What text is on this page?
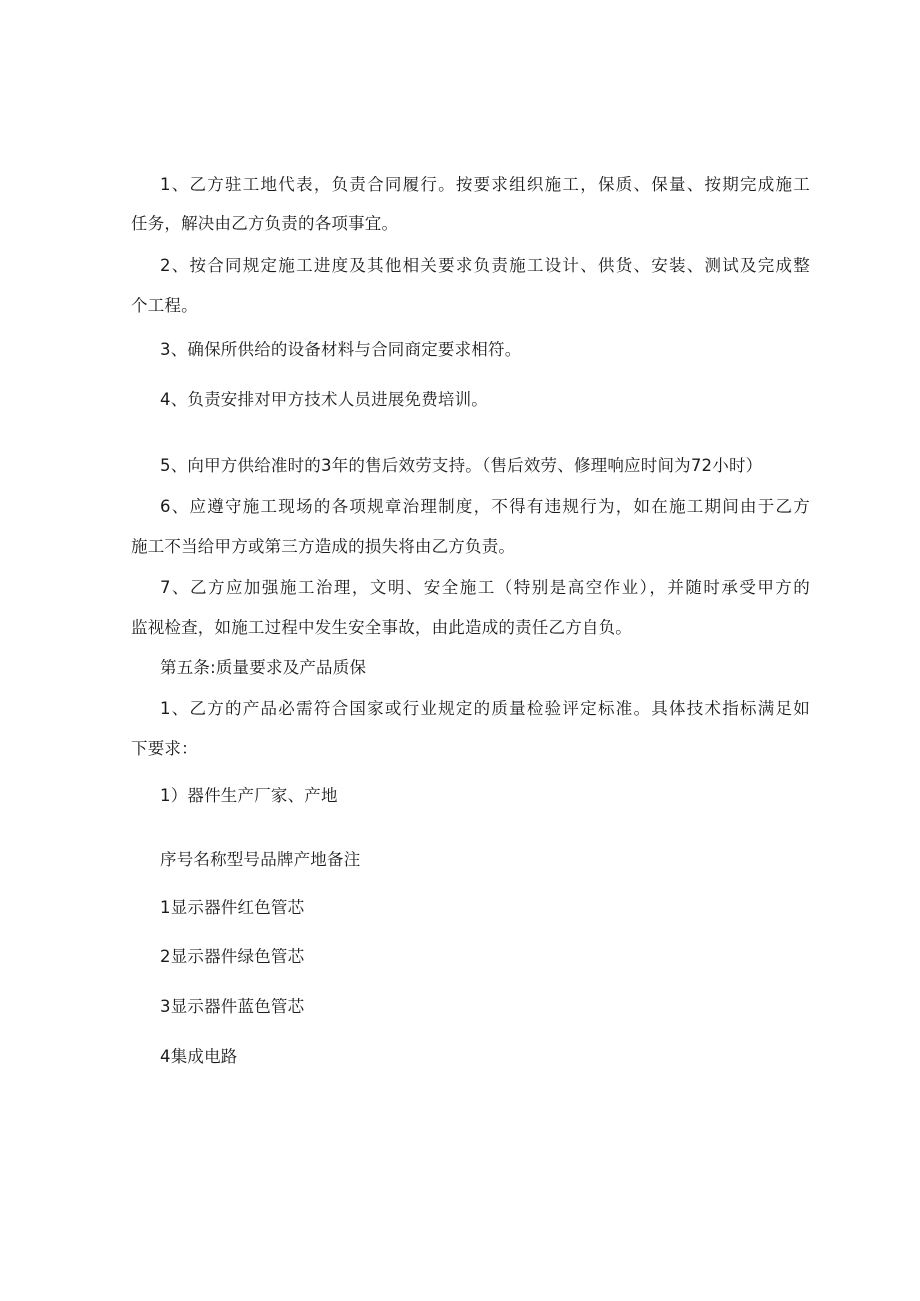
1、乙方驻工地代表，负责合同履行。按要求组织施工，保质、保量、按期完成施工
任务，解决由乙方负责的各项事宜。
2、按合同规定施工进度及其他相关要求负责施工设计、供货、安装、测试及完成整
个工程。
3、确保所供给的设备材料与合同商定要求相符。
4、负责安排对甲方技术人员进展免费培训。
5、向甲方供给准时的3年的售后效劳支持。（售后效劳、修理响应时间为72小时）
6、应遵守施工现场的各项规章治理制度，不得有违规行为，如在施工期间由于乙方
施工不当给甲方或第三方造成的损失将由乙方负责。
7、乙方应加强施工治理，文明、安全施工（特别是高空作业），并随时承受甲方的
监视检查，如施工过程中发生安全事故，由此造成的责任乙方自负。
第五条:质量要求及产品质保
1、乙方的产品必需符合国家或行业规定的质量检验评定标准。具体技术指标满足如
下要求：
1）器件生产厂家、产地
序号名称型号品牌产地备注
1显示器件红色管芯
2显示器件绿色管芯
3显示器件蓝色管芯
4集成电路
